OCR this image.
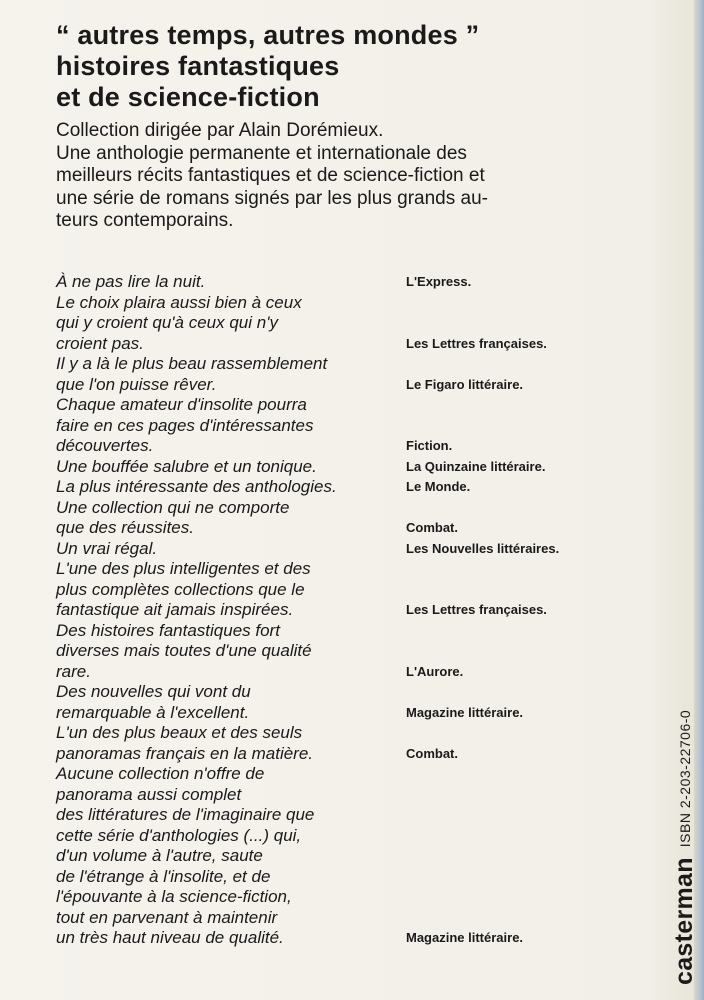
“ autres temps, autres mondes ”
histoires fantastiques
et de science-fiction

Collection dirigée par Alain Dorémieux.

Une anthologie permanente et internationale des

meilleurs récits fantastiques et de science-fiction et

une série de romans signés par les plus grands au-

teurs contemporains.

À ne pas lire la nuit.	L'Express.
Le choix plaira aussi bien à ceux
qui y croient qu'à ceux qui n'y
croient pas.	Les Lettres françaises.
Il y a là le plus beau rassemblement
que l'on puisse rêver.	Le Figaro littéraire.
Chaque amateur d'insolite pourra
faire en ces pages d'intéressantes
découvertes.	Fiction.
Une bouffée salubre et un tonique.	La Quinzaine littéraire.
La plus intéressante des anthologies.	Le Monde.
Une collection qui ne comporte
que des réussites.	Combat.
Un vrai régal.	Les Nouvelles littéraires.
L'une des plus intelligentes et des
plus complètes collections que le
fantastique ait jamais inspirées.	Les Lettres françaises.
Des histoires fantastiques fort
diverses mais toutes d'une qualité
rare.	L'Aurore.
Des nouvelles qui vont du
remarquable à l'excellent.	Magazine littéraire.
L'un des plus beaux et des seuls
panoramas français en la matière.	Combat.
Aucune collection n'offre de
panorama aussi complet
des littératures de l'imaginaire que
cette série d'anthologies (...) qui,
d'un volume à l'autre, saute
de l'étrange à l'insolite, et de
l'épouvante à la science-fiction,
tout en parvenant à maintenir
un très haut niveau de qualité.	Magazine littéraire.	casterman
ISBN 2-203-22706-0
